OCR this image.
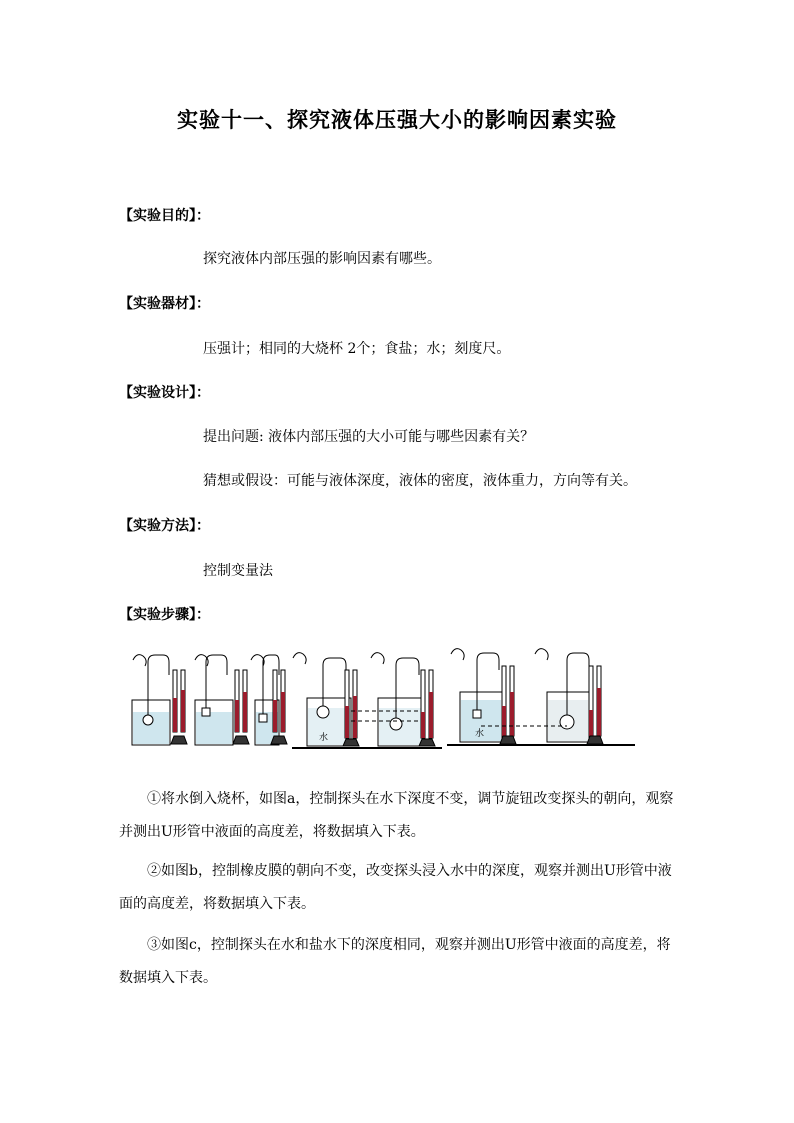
实验十一、探究液体压强大小的影响因素实验
【实验目的】：
探究液体内部压强的影响因素有哪些。
【实验器材】：
压强计；相同的大烧杯 2个；食盐；水；刻度尺。
【实验设计】：
提出问题: 液体内部压强的大小可能与哪些因素有关？
猜想或假设：可能与液体深度，液体的密度，液体重力，方向等有关。
【实验方法】：
控制变量法
【实验步骤】：
水	水
①将水倒入烧杯，如图a，控制探头在水下深度不变，调节旋钮改变探头的朝向，观察并测出U形管中液面的高度差，将数据填入下表。
②如图b，控制橡皮膜的朝向不变，改变探头浸入水中的深度，观察并测出U形管中液面的高度差，将数据填入下表。
③如图c，控制探头在水和盐水下的深度相同，观察并测出U形管中液面的高度差，将数据填入下表。
